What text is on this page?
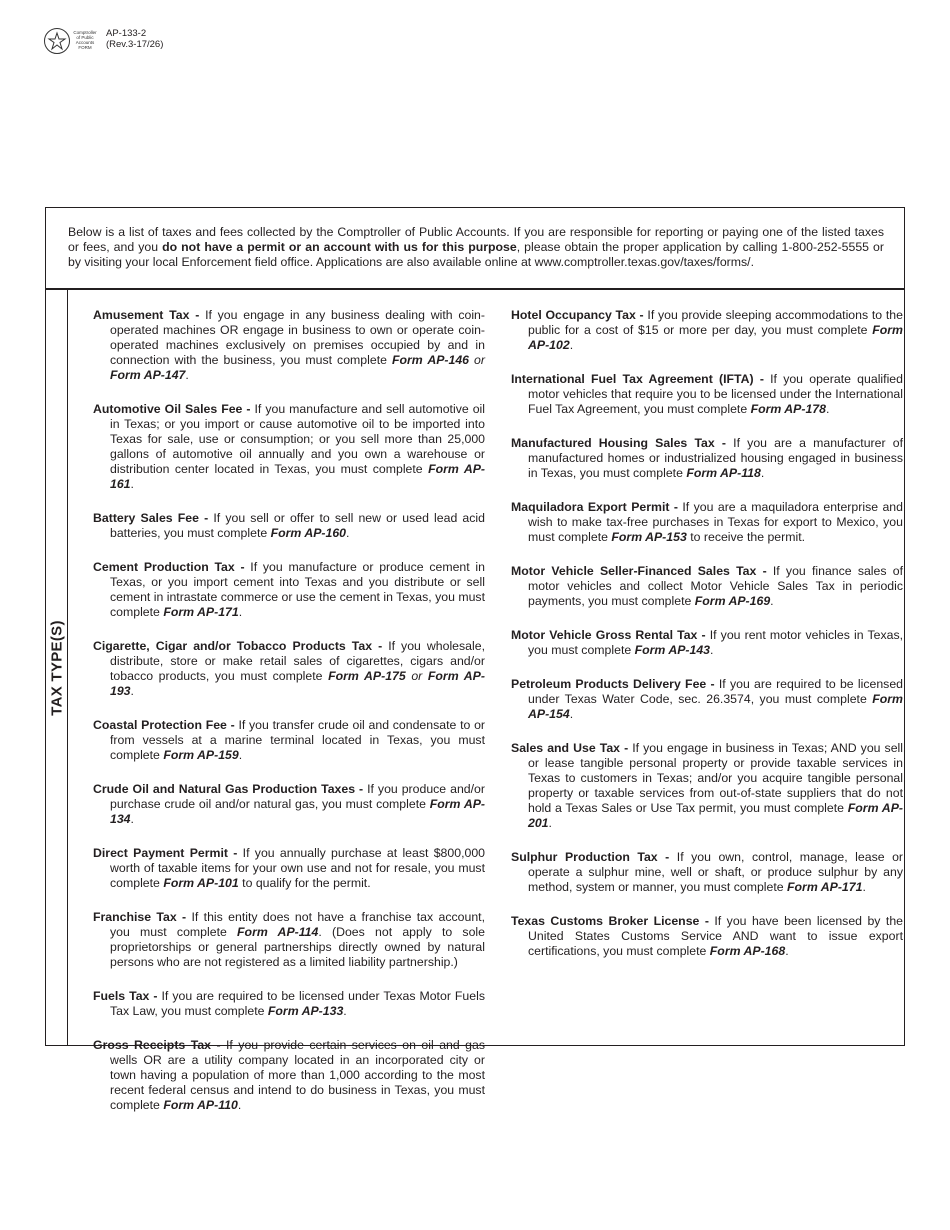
Comptroller
of Public
Accounts
FORM
AP-133-2
(Rev.3-17/26)
Below is a list of taxes and fees collected by the Comptroller of Public Accounts. If you are responsible for reporting or paying one of the listed taxes or fees, and you do not have a permit or an account with us for this purpose, please obtain the proper application by calling 1-800-252-5555 or by visiting your local Enforcement field office. Applications are also available online at www.comptroller.texas.gov/taxes/forms/.
TAX TYPE(S)

Amusement Tax - If you engage in any business dealing with coin-operated machines OR engage in business to own or operate coin-operated machines exclusively on premises occupied by and in connection with the business, you must complete Form AP-146 or Form AP-147.

Automotive Oil Sales Fee - If you manufacture and sell automotive oil in Texas; or you import or cause automotive oil to be imported into Texas for sale, use or consumption; or you sell more than 25,000 gallons of automotive oil annually and you own a warehouse or distribution center located in Texas, you must complete Form AP-161.

Battery Sales Fee - If you sell or offer to sell new or used lead acid batteries, you must complete Form AP-160.

Cement Production Tax - If you manufacture or produce cement in Texas, or you import cement into Texas and you distribute or sell cement in intrastate commerce or use the cement in Texas, you must complete Form AP-171.

Cigarette, Cigar and/or Tobacco Products Tax - If you wholesale, distribute, store or make retail sales of cigarettes, cigars and/or tobacco products, you must complete Form AP-175 or Form AP-193.

Coastal Protection Fee - If you transfer crude oil and condensate to or from vessels at a marine terminal located in Texas, you must complete Form AP-159.

Crude Oil and Natural Gas Production Taxes - If you produce and/or purchase crude oil and/or natural gas, you must complete Form AP-134.

Direct Payment Permit - If you annually purchase at least $800,000 worth of taxable items for your own use and not for resale, you must complete Form AP-101 to qualify for the permit.

Franchise Tax - If this entity does not have a franchise tax account, you must complete Form AP-114. (Does not apply to sole proprietorships or general partnerships directly owned by natural persons who are not registered as a limited liability partnership.)

Fuels Tax - If you are required to be licensed under Texas Motor Fuels Tax Law, you must complete Form AP-133.

Gross Receipts Tax - If you provide certain services on oil and gas wells OR are a utility company located in an incorporated city or town having a population of more than 1,000 according to the most recent federal census and intend to do business in Texas, you must complete Form AP-110.

Hotel Occupancy Tax - If you provide sleeping accommodations to the public for a cost of $15 or more per day, you must complete Form AP-102.

International Fuel Tax Agreement (IFTA) - If you operate qualified motor vehicles that require you to be licensed under the International Fuel Tax Agreement, you must complete Form AP-178.

Manufactured Housing Sales Tax - If you are a manufacturer of manufactured homes or industrialized housing engaged in business in Texas, you must complete Form AP-118.

Maquiladora Export Permit - If you are a maquiladora enterprise and wish to make tax-free purchases in Texas for export to Mexico, you must complete Form AP-153 to receive the permit.

Motor Vehicle Seller-Financed Sales Tax - If you finance sales of motor vehicles and collect Motor Vehicle Sales Tax in periodic payments, you must complete Form AP-169.

Motor Vehicle Gross Rental Tax - If you rent motor vehicles in Texas, you must complete Form AP-143.

Petroleum Products Delivery Fee - If you are required to be licensed under Texas Water Code, sec. 26.3574, you must complete Form AP-154.

Sales and Use Tax - If you engage in business in Texas; AND you sell or lease tangible personal property or provide taxable services in Texas to customers in Texas; and/or you acquire tangible personal property or taxable services from out-of-state suppliers that do not hold a Texas Sales or Use Tax permit, you must complete Form AP-201.

Sulphur Production Tax - If you own, control, manage, lease or operate a sulphur mine, well or shaft, or produce sulphur by any method, system or manner, you must complete Form AP-171.

Texas Customs Broker License - If you have been licensed by the United States Customs Service AND want to issue export certifications, you must complete Form AP-168.
